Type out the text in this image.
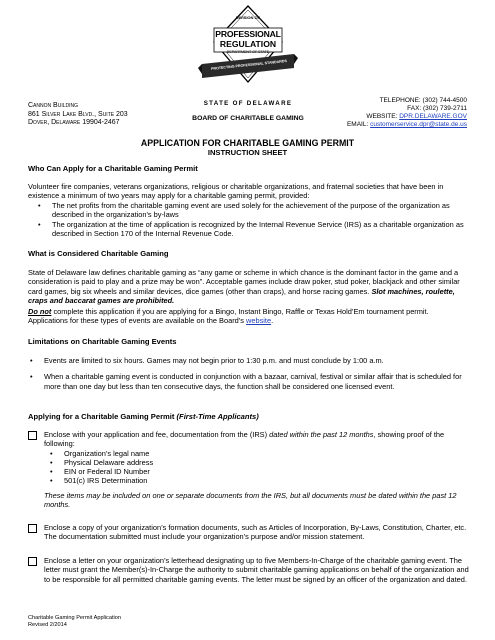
DIVISION OF
PROFESSIONAL
REGULATION
DEPARTMENT OF STATE
PROTECTING PROFESSIONAL STANDARDS
Cannon Building
861 Silver Lake Blvd., Suite 203
Dover, Delaware 19904-2467
STATE OF DELAWARE
BOARD OF CHARITABLE GAMING
TELEPHONE: (302) 744-4500
FAX: (302) 739-2711
WEBSITE: DPR.DELAWARE.GOV
EMAIL: customerservice.dpr@state.de.us
APPLICATION FOR CHARITABLE GAMING PERMIT
INSTRUCTION SHEET
Who Can Apply for a Charitable Gaming Permit
Volunteer fire companies, veterans organizations, religious or charitable organizations, and fraternal societies that have been in existence a minimum of two years may apply for a charitable gaming permit, provided:
•	The net profits from the charitable gaming event are used solely for the achievement of the purpose of the organization as described in the organization's by-laws
•	The organization at the time of application is recognized by the Internal Revenue Service (IRS) as a charitable organization as described in Section 170 of the Internal Revenue Code.
What is Considered Charitable Gaming
State of Delaware law defines charitable gaming as “any game or scheme in which chance is the dominant factor in the game and a consideration is paid to play and a prize may be won”. Acceptable games include draw poker, stud poker, blackjack and other similar card games, big six wheels and similar devices, dice games (other than craps), and horse racing games. Slot machines, roulette, craps and baccarat games are prohibited.
Do not complete this application if you are applying for a Bingo, Instant Bingo, Raffle or Texas Hold’Em tournament permit. Applications for these types of events are available on the Board’s website.
Limitations on Charitable Gaming Events
•	Events are limited to six hours. Games may not begin prior to 1:30 p.m. and must conclude by 1:00 a.m.
•	When a charitable gaming event is conducted in conjunction with a bazaar, carnival, festival or similar affair that is scheduled for more than one day but less than ten consecutive days, the function shall be considered one licensed event.
Applying for a Charitable Gaming Permit (First-Time Applicants)
Enclose with your application and fee, documentation from the (IRS) dated within the past 12 months, showing proof of the following:
•	Organization’s legal name
•	Physical Delaware address
•	EIN or Federal ID Number
•	501(c) IRS Determination
These items may be included on one or separate documents from the IRS, but all documents must be dated within the past 12 months.
Enclose a copy of your organization’s formation documents, such as Articles of Incorporation, By-Laws, Constitution, Charter, etc. The documentation submitted must include your organization’s purpose and/or mission statement.
Enclose a letter on your organization’s letterhead designating up to five Members-In-Charge of the charitable gaming event. The letter must grant the Member(s)-In-Charge the authority to submit charitable gaming applications on behalf of the organization and to be responsible for all permitted charitable gaming events. The letter must be signed by an officer of the organization and dated.
Charitable Gaming Permit Application
Revised 2/2014
